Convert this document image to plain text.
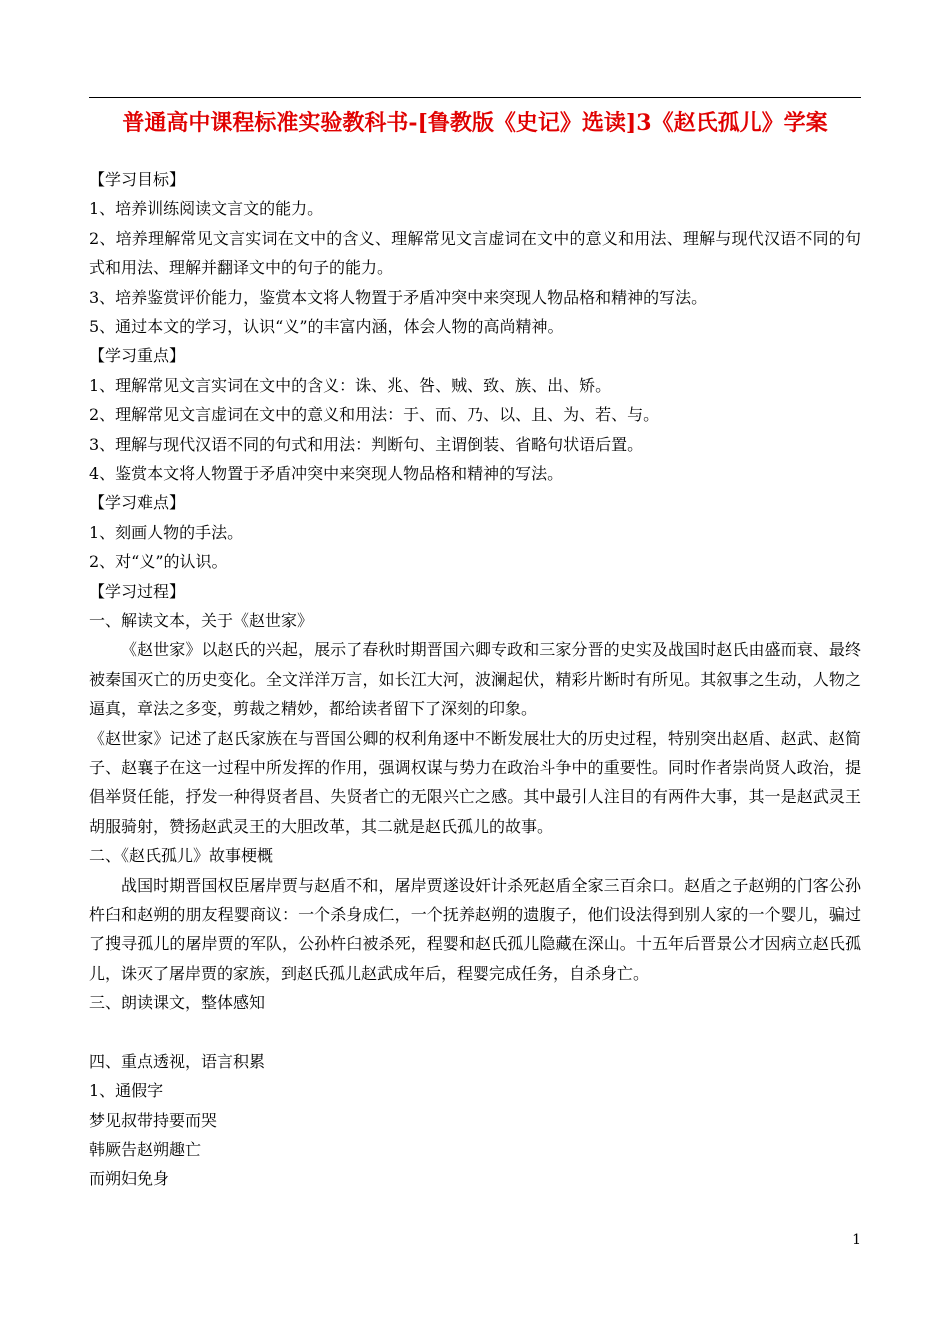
普通高中课程标准实验教科书-[鲁教版《史记》选读]3《赵氏孤儿》学案
【学习目标】
1、培养训练阅读文言文的能力。

2、培养理解常见文言实词在文中的含义、理解常见文言虚词在文中的意义和用法、理解与现代汉语不同的句式和用法、理解并翻译文中的句子的能力。

3、培养鉴赏评价能力，鉴赏本文将人物置于矛盾冲突中来突现人物品格和精神的写法。
5、通过本文的学习，认识“义”的丰富内涵，体会人物的高尚精神。
【学习重点】
1、理解常见文言实词在文中的含义：诛、兆、咎、贼、致、族、出、矫。
2、理解常见文言虚词在文中的意义和用法：于、而、乃、以、且、为、若、与。
3、理解与现代汉语不同的句式和用法：判断句、主谓倒装、省略句状语后置。
4、鉴赏本文将人物置于矛盾冲突中来突现人物品格和精神的写法。
【学习难点】
1、刻画人物的手法。
2、对“义”的认识。
【学习过程】
一、解读文本，关于《赵世家》

《赵世家》以赵氏的兴起，展示了春秋时期晋国六卿专政和三家分晋的史实及战国时赵氏由盛而衰、最终被秦国灭亡的历史变化。全文洋洋万言，如长江大河，波澜起伏，精彩片断时有所见。其叙事之生动，人物之逼真，章法之多变，剪裁之精妙，都给读者留下了深刻的印象。

《赵世家》记述了赵氏家族在与晋国公卿的权利角逐中不断发展壮大的历史过程，特别突出赵盾、赵武、赵简子、赵襄子在这一过程中所发挥的作用，强调权谋与势力在政治斗争中的重要性。同时作者崇尚贤人政治，提倡举贤任能，抒发一种得贤者昌、失贤者亡的无限兴亡之感。其中最引人注目的有两件大事，其一是赵武灵王胡服骑射，赞扬赵武灵王的大胆改革，其二就是赵氏孤儿的故事。

二、《赵氏孤儿》故事梗概

战国时期晋国权臣屠岸贾与赵盾不和，屠岸贾遂设奸计杀死赵盾全家三百余口。赵盾之子赵朔的门客公孙杵臼和赵朔的朋友程婴商议：一个杀身成仁，一个抚养赵朔的遗腹子，他们设法得到别人家的一个婴儿，骗过了搜寻孤儿的屠岸贾的军队，公孙杵臼被杀死，程婴和赵氏孤儿隐藏在深山。十五年后晋景公才因病立赵氏孤儿，诛灭了屠岸贾的家族，到赵氏孤儿赵武成年后，程婴完成任务，自杀身亡。

三、朗读课文，整体感知
四、重点透视，语言积累
1、通假字
梦见叔带持要而哭
韩厥告赵朔趣亡
而朔妇免身
1
